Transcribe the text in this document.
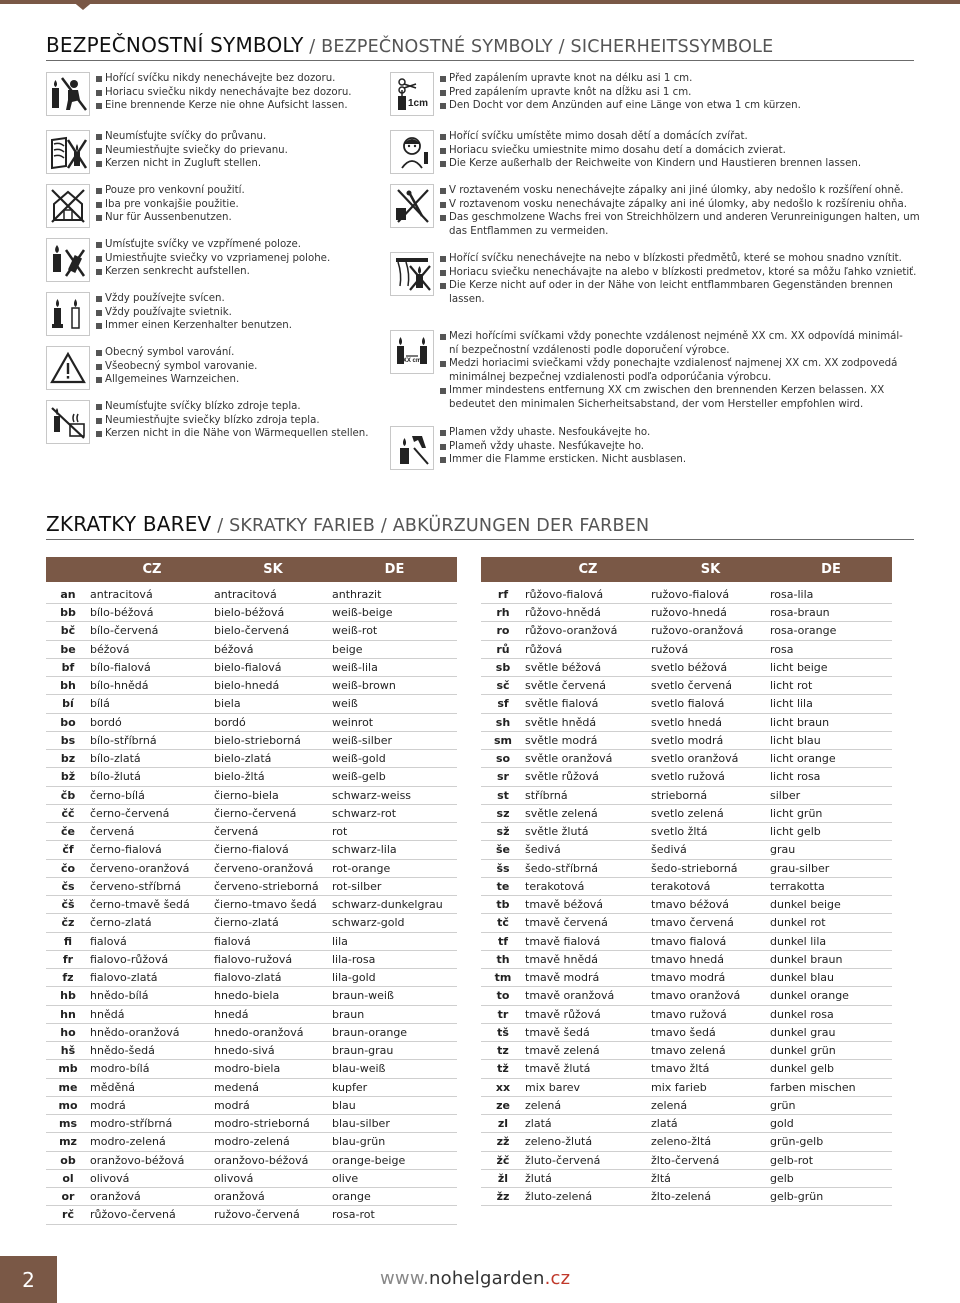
BEZPEČNOSTNÍ SYMBOLY / BEZPEČNOSTNÉ SYMBOLY / SICHERHEITSSYMBOLE
Hořící svíčku nikdy nenechávejte bez dozoru.
Horiacu sviečku nikdy nenechávajte bez dozoru.
Eine brennende Kerze nie ohne Aufsicht lassen.
Neumísťujte svíčky do průvanu.
Neumiestňujte sviečky do prievanu.
Kerzen nicht in Zugluft stellen.
Pouze pro venkovní použití.
Iba pre vonkajšie použitie.
Nur für Aussenbenutzen.
Umísťujte svíčky ve vzpřímené poloze.
Umiestňujte sviečky vo vzpriamenej polohe.
Kerzen senkrecht aufstellen.
Vždy používejte svícen.
Vždy používajte svietnik.
Immer einen Kerzenhalter benutzen.
Obecný symbol varování.
Všeobecný symbol varovanie.
Allgemeines Warnzeichen.
Neumísťujte svíčky blízko zdroje tepla.
Neumiestňujte sviečky blízko zdroja tepla.
Kerzen nicht in die Nähe von Wärmequellen stellen.
1cm
Před zapálením upravte knot na délku asi 1 cm.
Pred zapálením upravte knôt na dĺžku asi 1 cm.
Den Docht vor dem Anzünden auf eine Länge von etwa 1 cm kürzen.
Hořící svíčku umístěte mimo dosah dětí a domácích zvířat.
Horiacu sviečku umiestnite mimo dosahu detí a domácich zvierat.
Die Kerze außerhalb der Reichweite von Kindern und Haustieren brennen lassen.
V roztaveném vosku nenechávejte zápalky ani jiné úlomky, aby nedošlo k rozšíření ohně.
V roztavenom vosku nenechávajte zápalky ani iné úlomky, aby nedošlo k rozšíreniu ohňa.
Das geschmolzene Wachs frei von Streichhölzern und anderen Verunreinigungen halten, um das Entflammen zu vermeiden.
Hořící svíčku nenechávejte na nebo v blízkosti předmětů, které se mohou snadno vznítit.
Horiacu sviečku nenechávajte na alebo v blízkosti predmetov, ktoré sa môžu ľahko vznietiť.
Die Kerze nicht auf oder in der Nähe von leicht entflammbaren Gegenständen brennen lassen.
XX cm
Mezi hořícími svíčkami vždy ponechte vzdálenost nejméně XX cm. XX odpovídá minimál-
ní bezpečnostní vzdálenosti podle doporučení výrobce.
Medzi horiacimi sviečkami vždy ponechajte vzdialenosť najmenej XX cm. XX zodpovedá
minimálnej bezpečnej vzdialenosti podľa odporúčania výrobcu.
Immer mindestens entfernung XX cm zwischen den brennenden Kerzen belassen. XX
bedeutet den minimalen Sicherheitsabstand, der vom Hersteller empfohlen wird.
Plamen vždy uhaste. Nesfoukávejte ho.
Plameň vždy uhaste. Nesfúkavejte ho.
Immer die Flamme ersticken. Nicht ausblasen.
ZKRATKY BAREV / SKRATKY FARIEB / ABKÜRZUNGEN DER FARBEN
	CZ	SK	DE
an	antracitová	antracitová	anthrazit
bb	bílo-béžová	bielo-béžová	weiß-beige
bč	bílo-červená	bielo-červená	weiß-rot
be	béžová	béžová	beige
bf	bílo-fialová	bielo-fialová	weiß-lila
bh	bílo-hnědá	bielo-hnedá	weiß-brown
bí	bílá	biela	weiß
bo	bordó	bordó	weinrot
bs	bílo-stříbrná	bielo-strieborná	weiß-silber
bz	bílo-zlatá	bielo-zlatá	weiß-gold
bž	bílo-žlutá	bielo-žltá	weiß-gelb
čb	černo-bílá	čierno-biela	schwarz-weiss
čč	černo-červená	čierno-červená	schwarz-rot
če	červená	červená	rot
čf	černo-fialová	čierno-fialová	schwarz-lila
čo	červeno-oranžová	červeno-oranžová	rot-orange
čs	červeno-stříbrná	červeno-strieborná	rot-silber
čš	černo-tmavě šedá	čierno-tmavo šedá	schwarz-dunkelgrau
čz	černo-zlatá	čierno-zlatá	schwarz-gold
fi	fialová	fialová	lila
fr	fialovo-růžová	fialovo-ružová	lila-rosa
fz	fialovo-zlatá	fialovo-zlatá	lila-gold
hb	hnědo-bílá	hnedo-biela	braun-weiß
hn	hnědá	hnedá	braun
ho	hnědo-oranžová	hnedo-oranžová	braun-orange
hš	hnědo-šedá	hnedo-sivá	braun-grau
mb	modro-bílá	modro-biela	blau-weiß
me	měděná	medená	kupfer
mo	modrá	modrá	blau
ms	modro-stříbrná	modro-strieborná	blau-silber
mz	modro-zelená	modro-zelená	blau-grün
ob	oranžovo-béžová	oranžovo-béžová	orange-beige
ol	olivová	olivová	olive
or	oranžová	oranžová	orange
rč	růžovo-červená	ružovo-červená	rosa-rot
	CZ	SK	DE
rf	růžovo-fialová	ružovo-fialová	rosa-lila
rh	růžovo-hnědá	ružovo-hnedá	rosa-braun
ro	růžovo-oranžová	ružovo-oranžová	rosa-orange
rů	růžová	ružová	rosa
sb	světle béžová	svetlo béžová	licht beige
sč	světle červená	svetlo červená	licht rot
sf	světle fialová	svetlo fialová	licht lila
sh	světle hnědá	svetlo hnedá	licht braun
sm	světle modrá	svetlo modrá	licht blau
so	světle oranžová	svetlo oranžová	licht orange
sr	světle růžová	svetlo ružová	licht rosa
st	stříbrná	strieborná	silber
sz	světle zelená	svetlo zelená	licht grün
sž	světle žlutá	svetlo žltá	licht gelb
še	šedivá	šedivá	grau
šs	šedo-stříbrná	šedo-strieborná	grau-silber
te	terakotová	terakotová	terrakotta
tb	tmavě béžová	tmavo béžová	dunkel beige
tč	tmavě červená	tmavo červená	dunkel rot
tf	tmavě fialová	tmavo fialová	dunkel lila
th	tmavě hnědá	tmavo hnedá	dunkel braun
tm	tmavě modrá	tmavo modrá	dunkel blau
to	tmavě oranžová	tmavo oranžová	dunkel orange
tr	tmavě růžová	tmavo ružová	dunkel rosa
tš	tmavě šedá	tmavo šedá	dunkel grau
tz	tmavě zelená	tmavo zelená	dunkel grün
tž	tmavě žlutá	tmavo žltá	dunkel gelb
xx	mix barev	mix farieb	farben mischen
ze	zelená	zelená	grün
zl	zlatá	zlatá	gold
zž	zeleno-žlutá	zeleno-žltá	grün-gelb
žč	žluto-červená	žlto-červená	gelb-rot
žl	žlutá	žltá	gelb
žz	žluto-zelená	žlto-zelená	gelb-grün
2	www.nohelgarden.cz
